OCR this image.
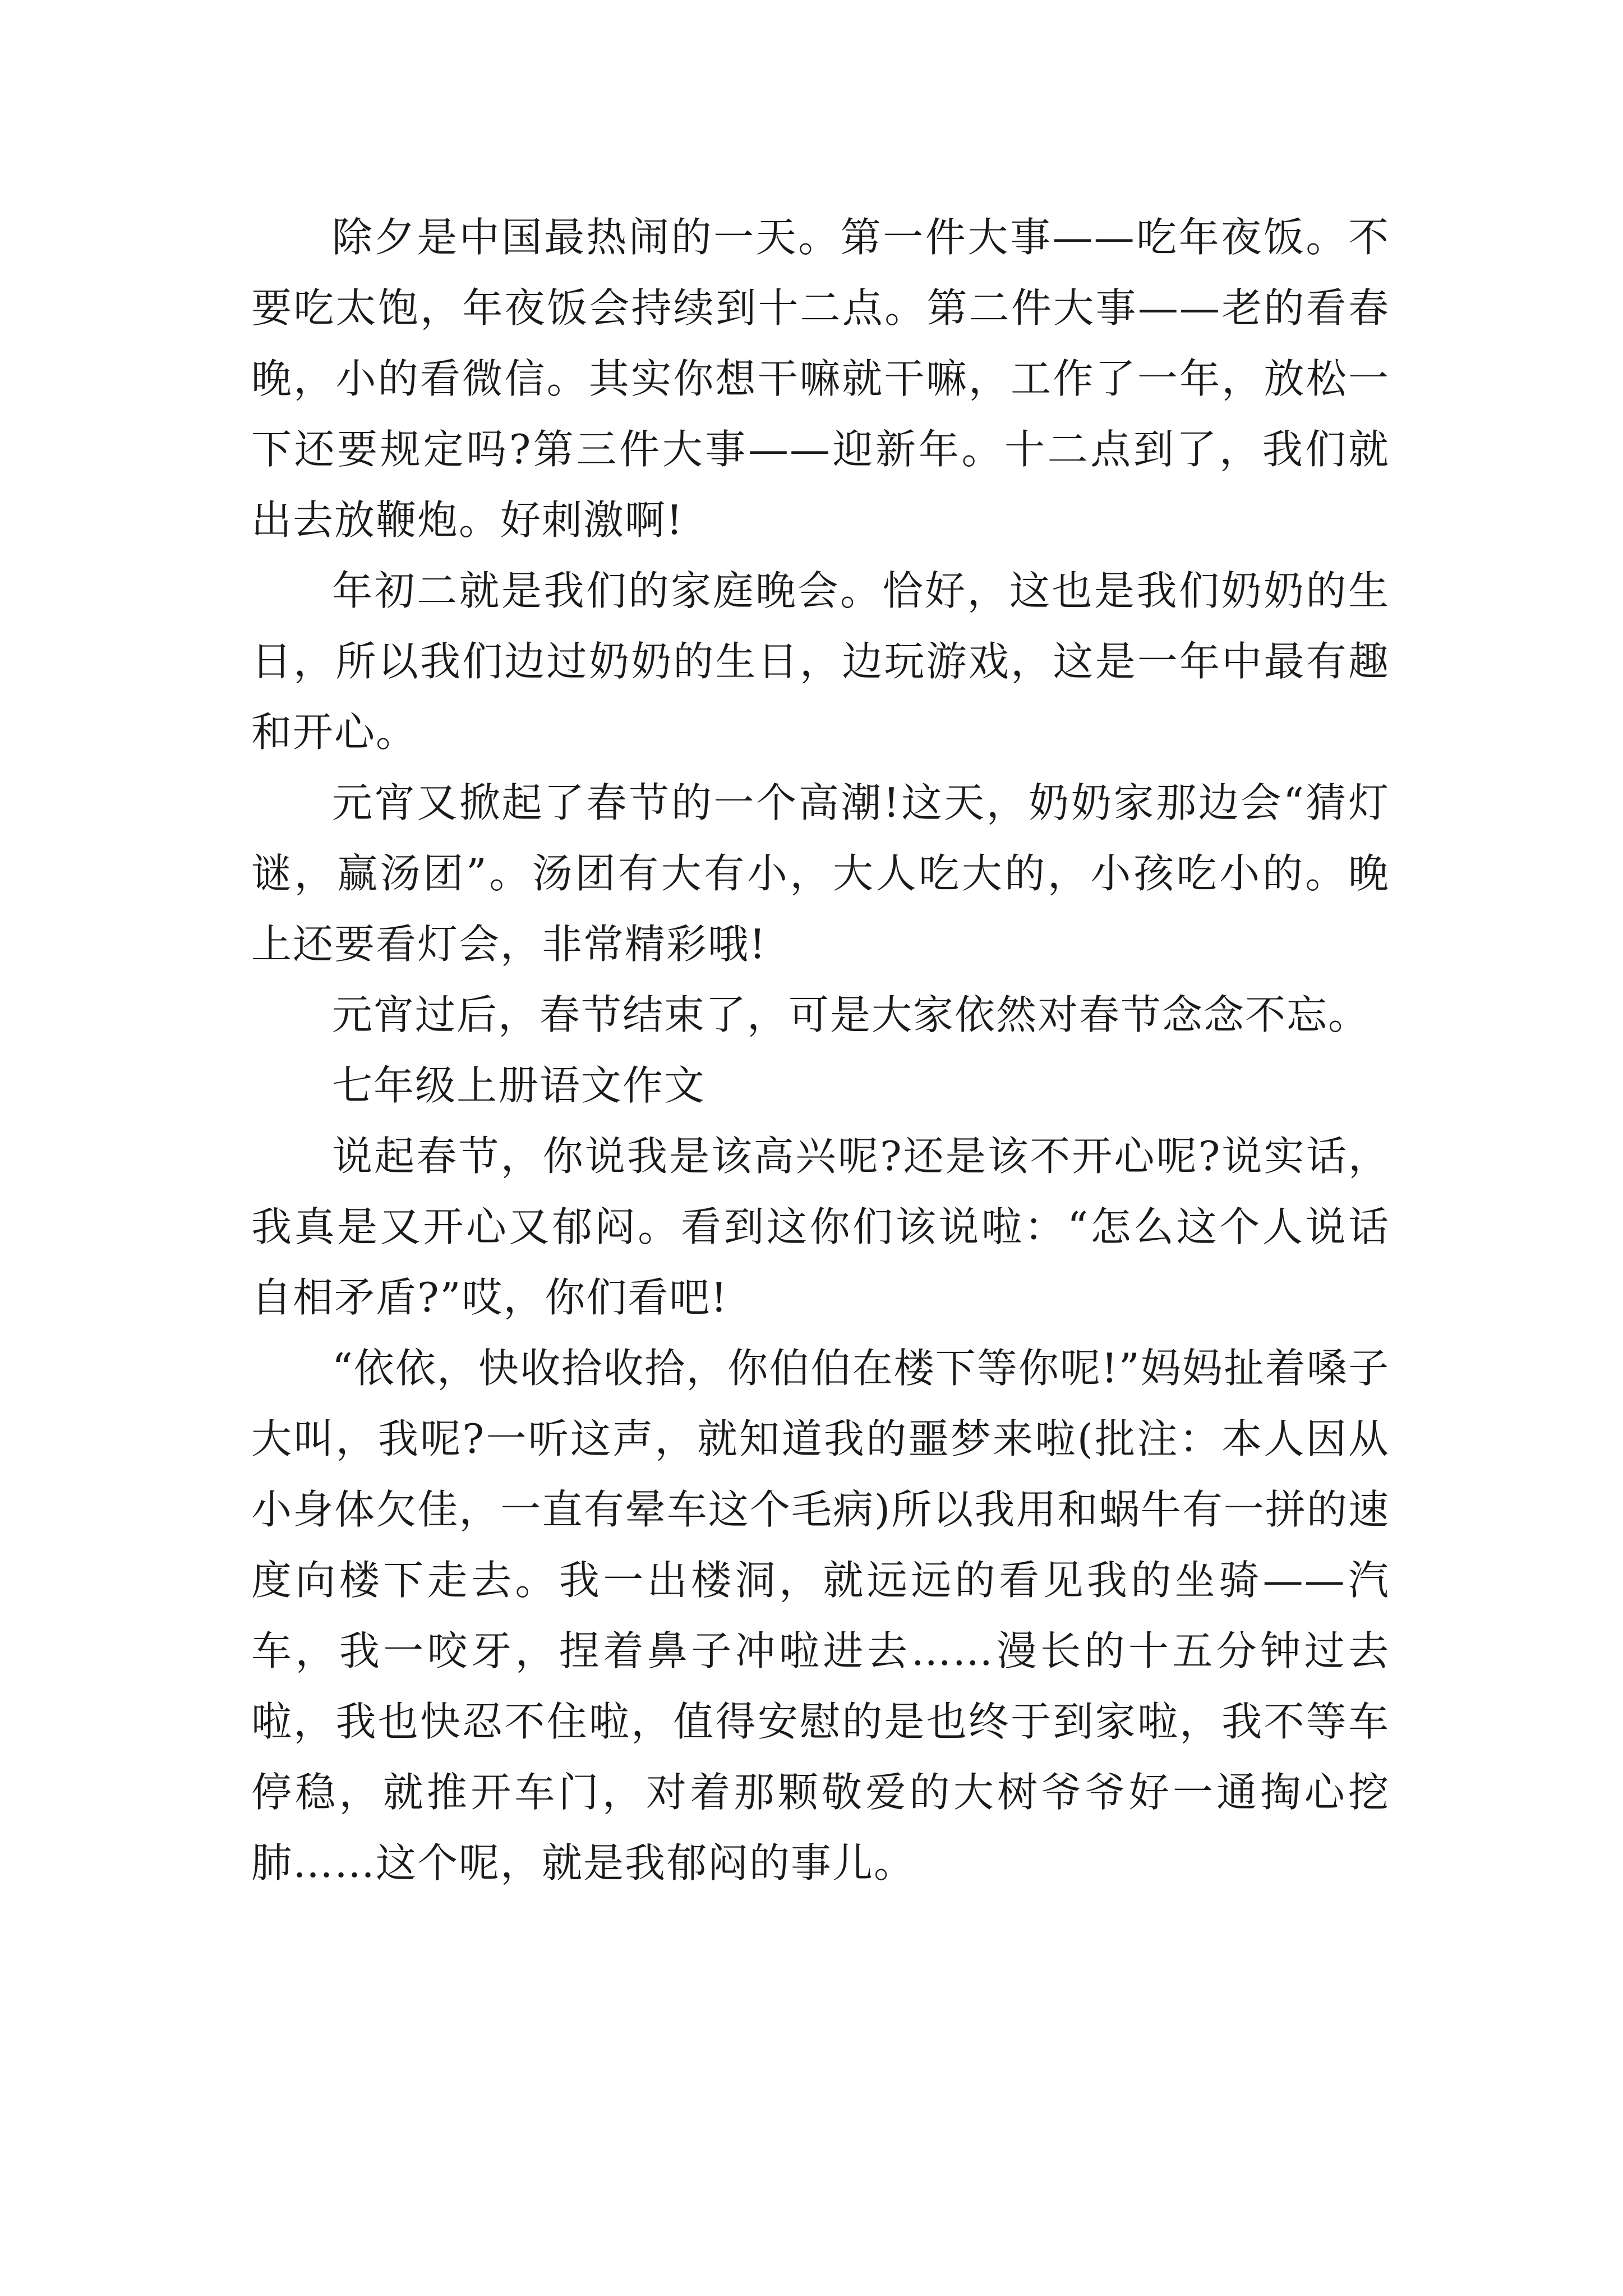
除夕是中国最热闹的一天。第一件大事——吃年夜饭。不要吃太饱，年夜饭会持续到十二点。第二件大事——老的看春晚，小的看微信。其实你想干嘛就干嘛，工作了一年，放松一下还要规定吗?第三件大事——迎新年。十二点到了，我们就出去放鞭炮。好刺激啊!

年初二就是我们的家庭晚会。恰好，这也是我们奶奶的生日，所以我们边过奶奶的生日，边玩游戏，这是一年中最有趣和开心。

元宵又掀起了春节的一个高潮!这天，奶奶家那边会“猜灯谜，赢汤团”。汤团有大有小，大人吃大的，小孩吃小的。晚上还要看灯会，非常精彩哦!

元宵过后，春节结束了，可是大家依然对春节念念不忘。

七年级上册语文作文

说起春节，你说我是该高兴呢?还是该不开心呢?说实话，我真是又开心又郁闷。看到这你们该说啦：“怎么这个人说话自相矛盾?”哎，你们看吧!

“依依，快收拾收拾，你伯伯在楼下等你呢!”妈妈扯着嗓子大叫，我呢?一听这声，就知道我的噩梦来啦(批注：本人因从小身体欠佳，一直有晕车这个毛病)所以我用和蜗牛有一拼的速度向楼下走去。我一出楼洞，就远远的看见我的坐骑——汽车，我一咬牙，捏着鼻子冲啦进去……漫长的十五分钟过去啦，我也快忍不住啦，值得安慰的是也终于到家啦，我不等车停稳，就推开车门，对着那颗敬爱的大树爷爷好一通掏心挖肺……这个呢，就是我郁闷的事儿。
